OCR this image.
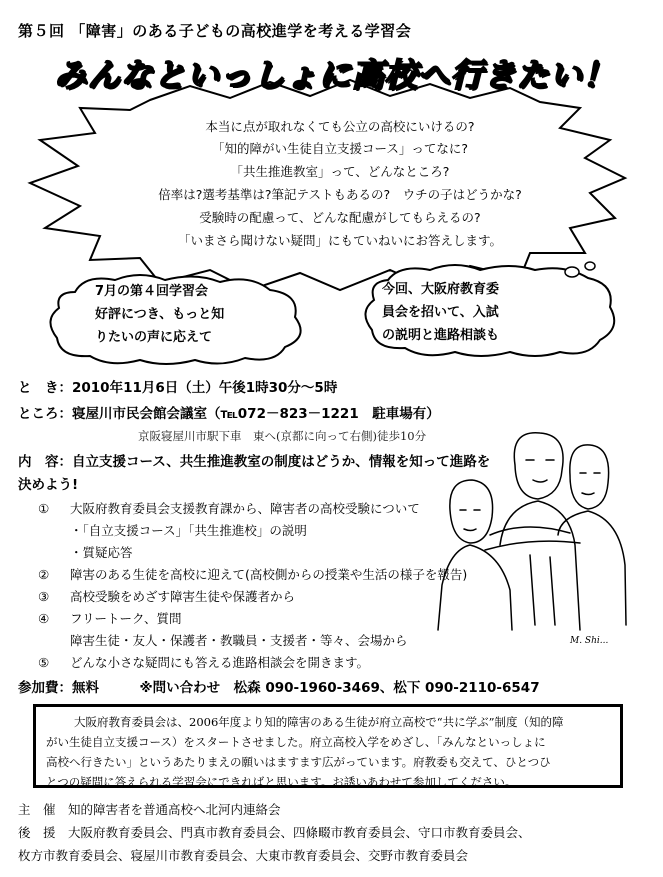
第５回 「障害」のある子どもの高校進学を考える学習会
みんなといっしょに高校へ行きたい！
本当に点が取れなくても公立の高校にいけるの?
「知的障がい生徒自立支援コース」ってなに?
「共生推進教室」って、どんなところ?
倍率は?選考基準は?筆記テストもあるの?　ウチの子はどうかな?
受験時の配慮って、どんな配慮がしてもらえるの?
「いまさら聞けない疑問」にもていねいにお答えします。
7月の第４回学習会
好評につき、もっと知
りたいの声に応えて
今回、大阪府教育委
員会を招いて、入試
の説明と進路相談も
と　き：2010年11月6日（土）午後1時30分～5時
ところ：寝屋川市民会館会議室（℡072－823－1221　駐車場有）
京阪寝屋川市駅下車　東へ(京都に向って右側)徒歩10分
内　容：自立支援コース、共生推進教室の制度はどうか、情報を知って進路を
決めよう!
① 大阪府教育委員会支援教育課から、障害者の高校受験について
・「自立支援コース」「共生推進校」の説明
・質疑応答
② 障害のある生徒を高校に迎えて(高校側からの授業や生活の様子を報告)
③ 高校受験をめざす障害生徒や保護者から
④ フリートーク、質問
障害生徒・友人・保護者・教職員・支援者・等々、会場から
⑤ どんな小さな疑問にも答える進路相談会を開きます。
M. Shi...
参加費：無料　　　※問い合わせ　松森 090-1960-3469、松下 090-2110-6547
大阪府教育委員会は、2006年度より知的障害のある生徒が府立高校で“共に学ぶ”制度（知的障
がい生徒自立支援コース）をスタートさせました。府立高校入学をめざし、「みんなといっしょに
高校へ行きたい」というあたりまえの願いはますます広がっています。府教委も交えて、ひとつひ
とつの疑問に答えられる学習会にできればと思います。お誘いあわせて参加してください。
主　催　知的障害者を普通高校へ北河内連絡会
後　援　大阪府教育委員会、門真市教育委員会、四條畷市教育委員会、守口市教育委員会、
枚方市教育委員会、寝屋川市教育委員会、大東市教育委員会、交野市教育委員会
